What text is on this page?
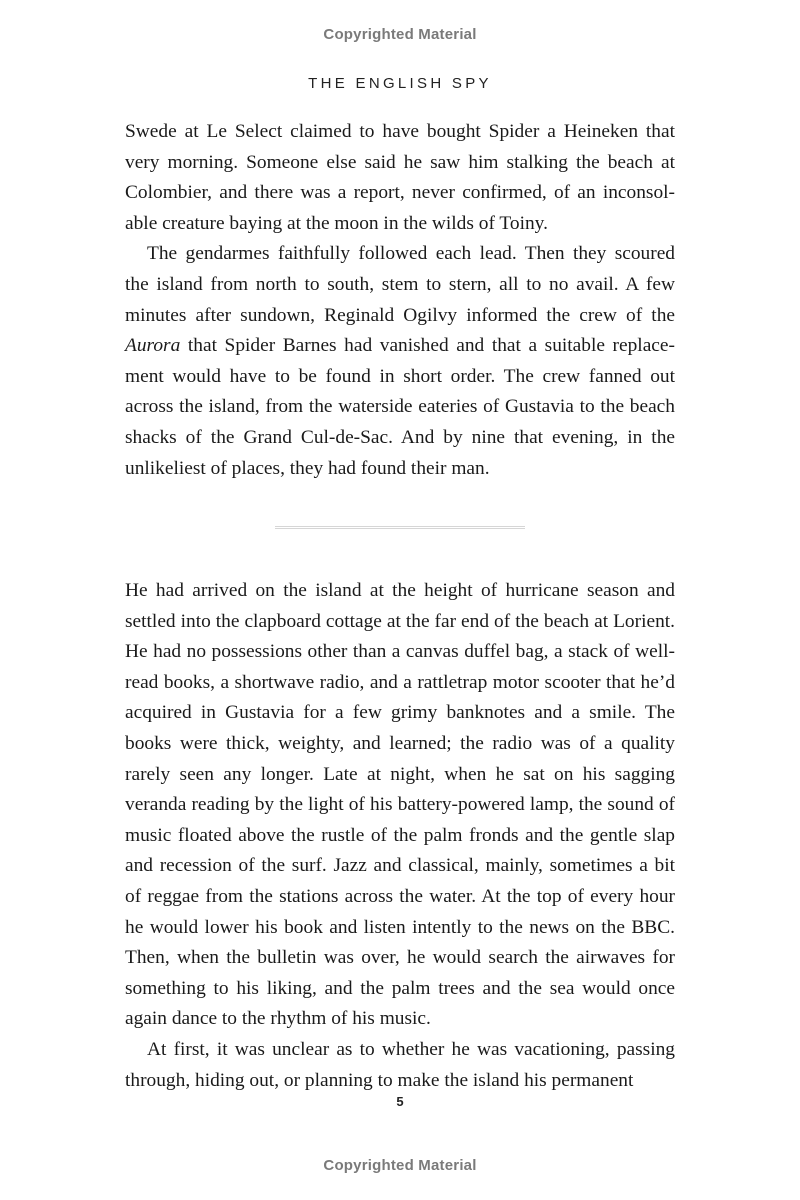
Copyrighted Material
THE ENGLISH SPY

Swede at Le Select claimed to have bought Spider a Heineken that very morning. Someone else said he saw him stalking the beach at Colombier, and there was a report, never confirmed, of an inconsolable creature baying at the moon in the wilds of Toiny.

The gendarmes faithfully followed each lead. Then they scoured the island from north to south, stem to stern, all to no avail. A few minutes after sundown, Reginald Ogilvy informed the crew of the Aurora that Spider Barnes had vanished and that a suitable replacement would have to be found in short order. The crew fanned out across the island, from the waterside eateries of Gustavia to the beach shacks of the Grand Cul-de-Sac. And by nine that evening, in the unlikeliest of places, they had found their man.

He had arrived on the island at the height of hurricane season and settled into the clapboard cottage at the far end of the beach at Lorient. He had no possessions other than a canvas duffel bag, a stack of well-read books, a shortwave radio, and a rattletrap motor scooter that he’d acquired in Gustavia for a few grimy banknotes and a smile. The books were thick, weighty, and learned; the radio was of a quality rarely seen any longer. Late at night, when he sat on his sagging veranda reading by the light of his battery-powered lamp, the sound of music floated above the rustle of the palm fronds and the gentle slap and recession of the surf. Jazz and classical, mainly, sometimes a bit of reggae from the stations across the water. At the top of every hour he would lower his book and listen intently to the news on the BBC. Then, when the bulletin was over, he would search the airwaves for something to his liking, and the palm trees and the sea would once again dance to the rhythm of his music.

At first, it was unclear as to whether he was vacationing, passing through, hiding out, or planning to make the island his permanent

5
Copyrighted Material
